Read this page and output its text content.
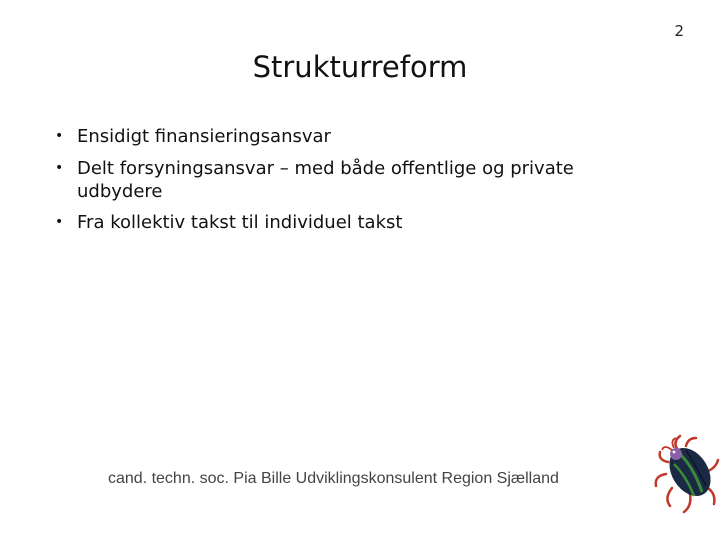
2
Strukturreform
• Ensidigt finansieringsansvar
• Delt forsyningsansvar – med både offentlige og private udbydere
• Fra kollektiv takst til individuel takst
cand. techn. soc. Pia Bille Udviklingskonsulent Region Sjælland
